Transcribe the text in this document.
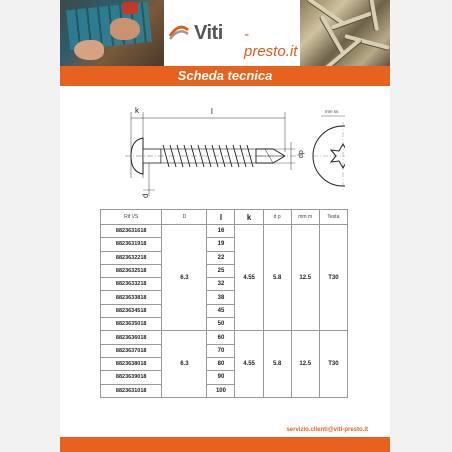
Viti -presto.it
Scheda tecnica
k	l
dp
d
mm ss
Rif VS	D	l	k	d p	mm m	Testa
8823631618	6.3	16	4.55	5.8	12.5	T30
8823631918		19				
8823632218		22				
8823632518		25				
8823633218		32				
8823633818		38				
8823634518		45				
8823635018		50				
8823636018	6.3	60	4.55	5.8	12.5	T30
8823637018		70				
8823638018		80				
8823639018		90				
8823631018		100				
servizio.clienti@viti-presto.it
